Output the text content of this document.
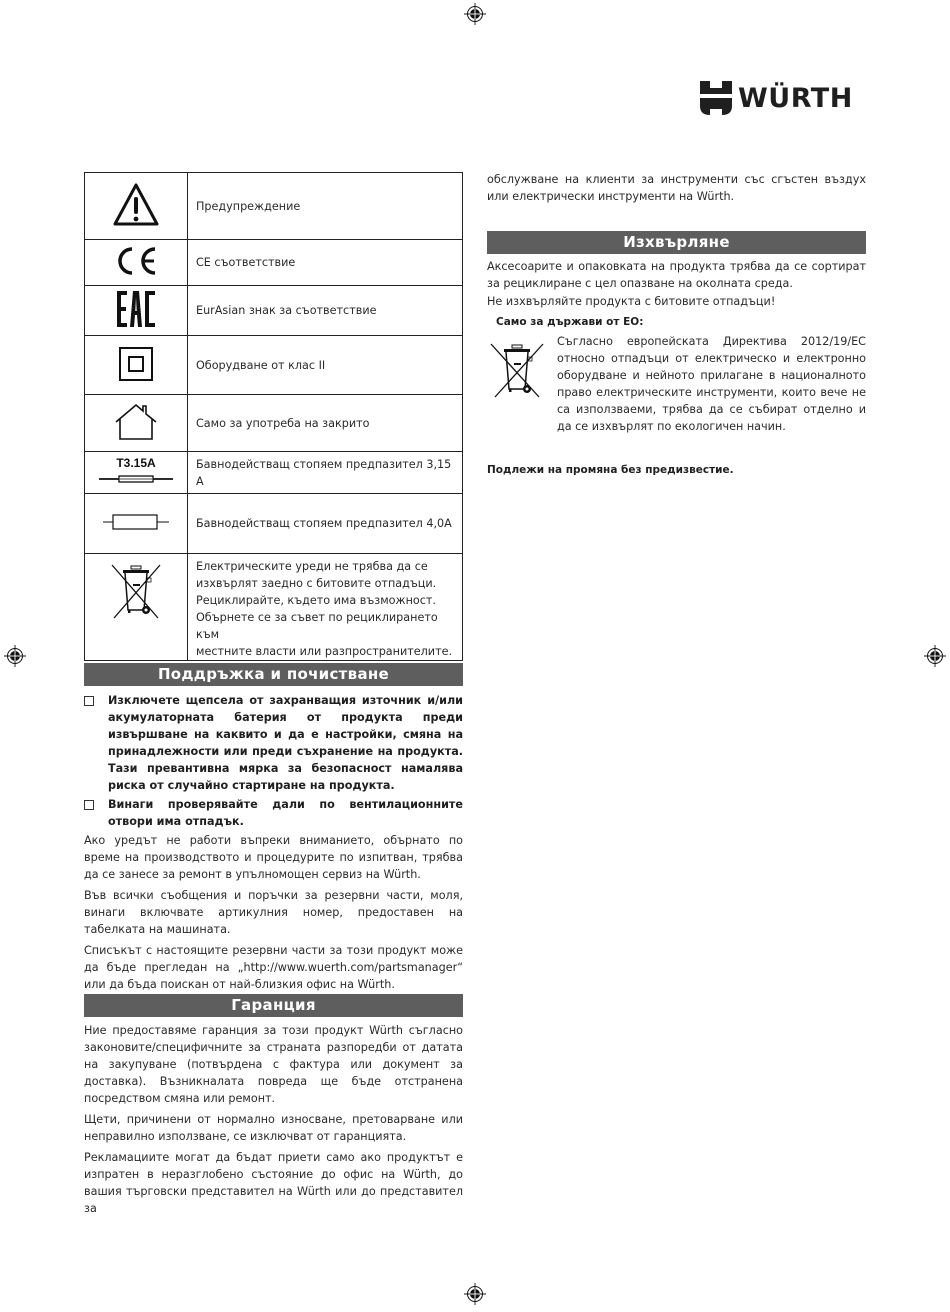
WÜRTH
	Предупреждение
	CE съответствие
	EurAsian знак за съответствие
	Оборудване от клас II
	Само за употреба на закрито

T3.15A	Бавнодействащ стопяем предпазител 3,15 A
	Бавнодействащ стопяем предпазител 4,0A

Електрическите уреди не трябва да се
изхвърлят заедно с битовите отпадъци.
Рециклирайте, където има възможност.
Обърнете се за съвет по рециклирането към
местните власти или разпространителите.
Поддръжка и почистване
Изключете щепсела от захранващия източник и/или акумулаторната батерия от продукта преди извършване на каквито и да е настройки, смяна на принадлежности или преди съхранение на продукта. Тази превантивна мярка за безопасност намалява риска от случайно стартиране на продукта.
Винаги проверявайте дали по вентилационните отвори има отпадък.

Ако уредът не работи въпреки вниманието, обърнато по време на производството и процедурите по изпитван, трябва да се занесе за ремонт в упълномощен сервиз на Würth.

Във всички съобщения и поръчки за резервни части, моля, винаги включвате артикулния номер, предоставен на табелката на машината.

Списъкът с настоящите резервни части за този продукт може да бъде прегледан на „http://www.wuerth.com/partsmanager“ или да бъда поискан от най-близкия офис на Würth.

Гаранция

Ние предоставяме гаранция за този продукт Würth съгласно законовите/специфичните за страната разпоредби от датата на закупуване (потвърдена с фактура или документ за доставка). Възникналата повреда ще бъде отстранена посредством смяна или ремонт.

Щети, причинени от нормално износване, претоварване или неправилно използване, се изключват от гаранцията.

Рекламациите могат да бъдат приети само ако продуктът е изпратен в неразглобено състояние до офис на Würth, до вашия търговски представител на Würth или до представител за

обслужване на клиенти за инструменти със сгъстен въздух или електрически инструменти на Würth.

Изхвърляне

Аксесоарите и опаковката на продукта трябва да се сортират за рециклиране с цел опазване на околната среда.

Не изхвърляйте продукта с битовите отпадъци!

Само за държави от ЕО:

Съгласно европейската Директива 2012/19/EC относно отпадъци от електрическо и електронно оборудване и нейното прилагане в националното право електрическите инструменти, които вече не са използваеми, трябва да се събират отделно и да се изхвърлят по екологичен начин.

Подлежи на промяна без предизвестие.
